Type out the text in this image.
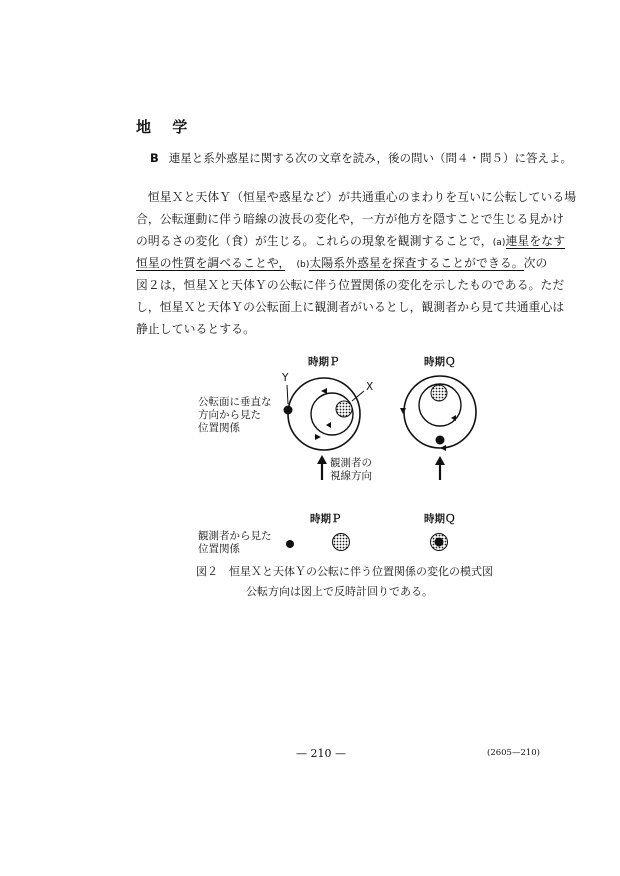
地 学
B 連星と系外惑星に関する次の文章を読み，後の問い（問４・問５）に答えよ。
　恒星Ｘと天体Ｙ（恒星や惑星など）が共通重心のまわりを互いに公転している場
合，公転運動に伴う暗線の波長の変化や，一方が他方を隠すことで生じる見かけ
の明るさの変化（食）が生じる。これらの現象を観測することで，(a)連星をなす
恒星の性質を調べることや，　 (b)太陽系外惑星を探査することができる。次の
図２は，恒星Ｘと天体Ｙの公転に伴う位置関係の変化を示したものである。ただ
し，恒星Ｘと天体Ｙの公転面上に観測者がいるとし，観測者から見て共通重心は
静止しているとする。
時期Ｐ	時期Ｑ
Y
X
公転面に垂直な
方向から見た
位置関係
観測者の
視線方向
時期Ｐ	時期Ｑ
観測者から見た
位置関係
図２　恒星Ｘと天体Ｙの公転に伴う位置関係の変化の模式図
公転方向は図上で反時計回りである。
— 210 —	(2605—210)
